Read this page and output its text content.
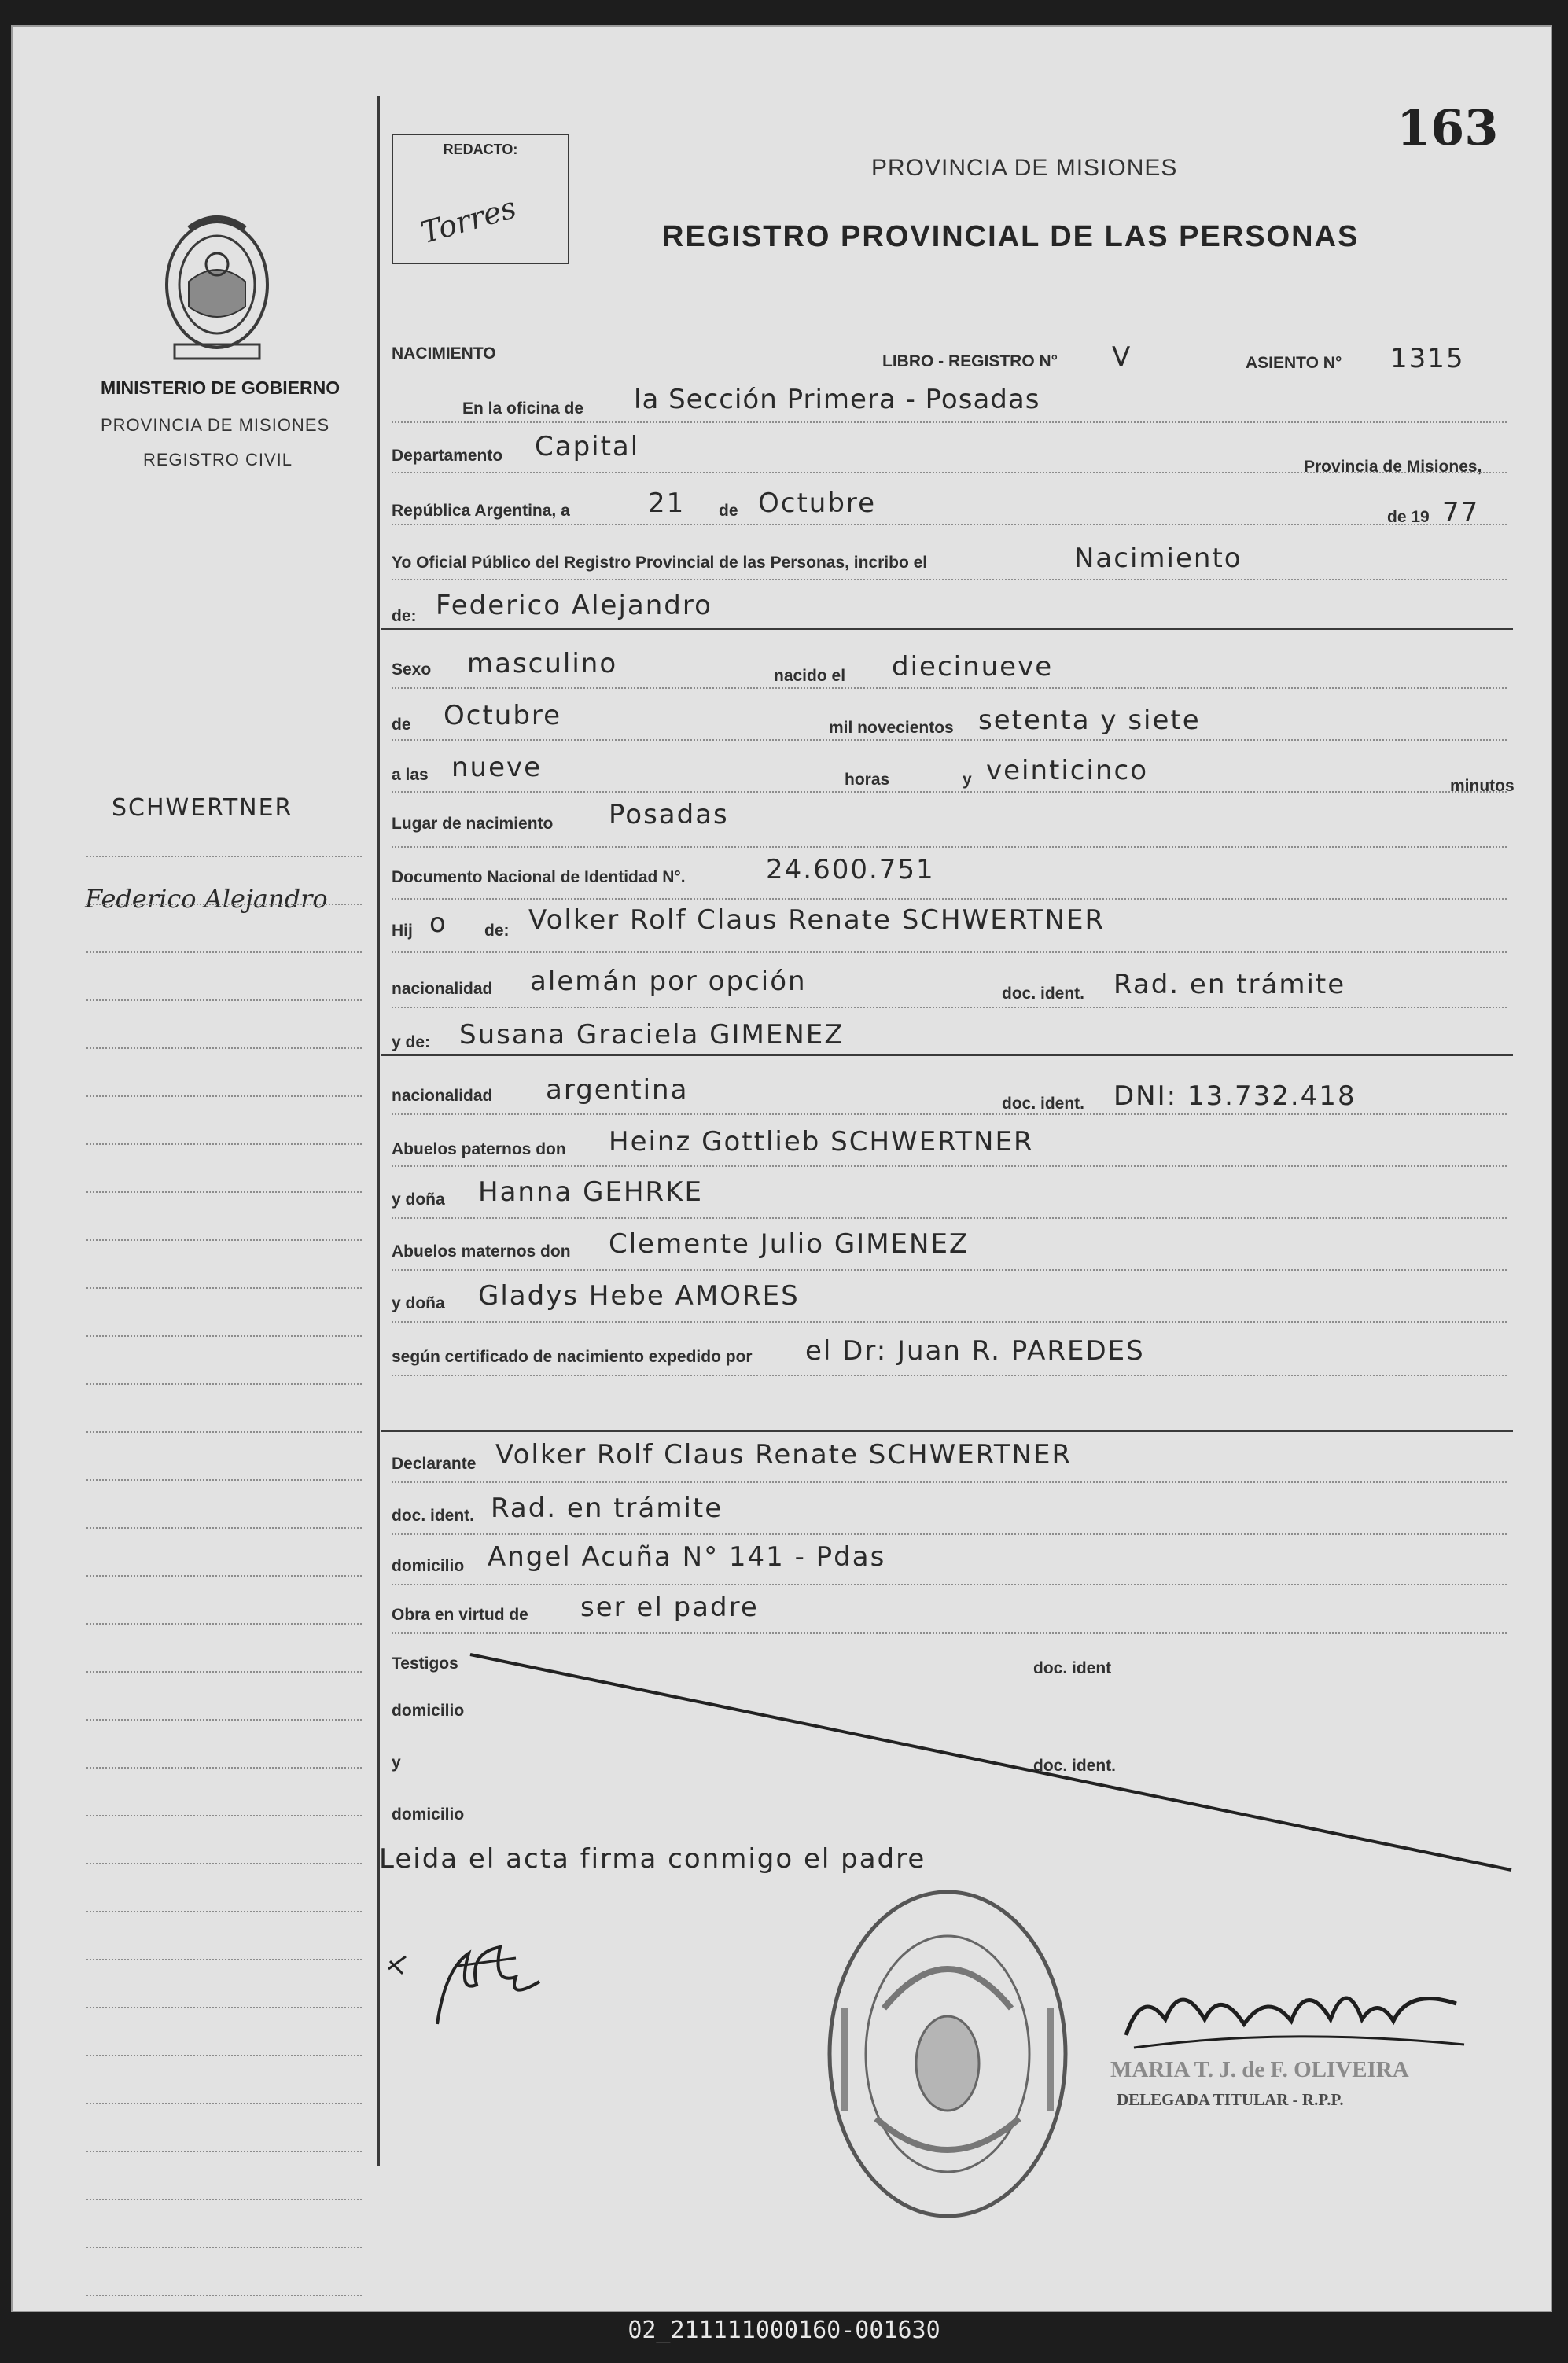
163
REDACTO:
Torres
PROVINCIA DE MISIONES
REGISTRO PROVINCIAL DE LAS PERSONAS
MINISTERIO DE GOBIERNO
PROVINCIA DE MISIONES
REGISTRO CIVIL
SCHWERTNER
Federico Alejandro
NACIMIENTO	LIBRO - REGISTRO N° V	ASIENTO N° 1315
En la oficina de la Sección Primera - Posadas
Departamento Capital
Provincia de Misiones,
República Argentina, a	21 de Octubre	de 19 77
Yo Oficial Público del Registro Provincial de las Personas, incribo el	Nacimiento
de: Federico Alejandro
Sexo masculino	nacido el diecinueve
de Octubre	mil novecientos setenta y siete
a las nueve	horas	y veinticinco	minutos
Lugar de nacimiento Posadas
Documento Nacional de Identidad N°.	24.600.751
Hij o de: Volker Rolf Claus Renate SCHWERTNER
nacionalidad alemán por opción	doc. ident. Rad. en trámite
y de: Susana Graciela GIMENEZ
nacionalidad argentina	doc. ident. DNI: 13.732.418
Abuelos paternos don Heinz Gottlieb SCHWERTNER
y doña Hanna GEHRKE
Abuelos maternos don Clemente Julio GIMENEZ
y doña Gladys Hebe AMORES
según certificado de nacimiento expedido por el Dr: Juan R. PAREDES
Declarante Volker Rolf Claus Renate SCHWERTNER
doc. ident. Rad. en trámite
domicilio Angel Acuña N° 141 - Pdas
Obra en virtud de ser el padre
Testigos	doc. ident
domicilio
y	doc. ident.
domicilio
Leida el acta firma conmigo el padre
MARIA T. J. de F. OLIVEIRA
DELEGADA TITULAR - R.P.P.
02_211111000160-001630
